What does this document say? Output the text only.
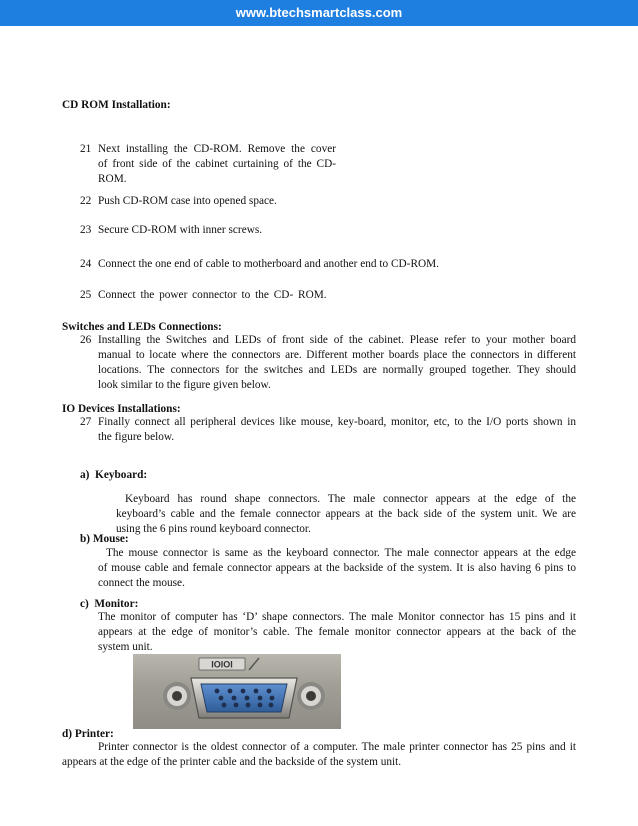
www.btechsmartclass.com
CD ROM Installation:
21 Next installing the CD-ROM. Remove the cover
of front side of the cabinet curtaining of the CD-
ROM.
22 Push CD-ROM case into opened space.
23 Secure CD-ROM with inner screws.
24 Connect the one end of cable to motherboard and another end to CD-ROM.
25 Connect the power connector to the CD- ROM.
Switches and LEDs Connections:
26 Installing the Switches and LEDs of front side of the cabinet. Please refer to your mother board
manual to locate where the connectors are. Different mother boards place the connectors in different
locations. The connectors for the switches and LEDs are normally grouped together. They should
look similar to the figure given below.
IO Devices Installations:
27 Finally connect all peripheral devices like mouse, key-board, monitor, etc, to the I/O ports shown in
the figure below.
a)  Keyboard:
Keyboard has round shape connectors. The male connector appears at the edge of the
keyboard’s cable and the female connector appears at the back side of the system unit. We are
using the 6 pins round keyboard connector.
b) Mouse:
The mouse connector is same as the keyboard connector. The male connector appears at the edge
of mouse cable and female connector appears at the backside of the system. It is also having 6 pins to
connect the mouse.
c)  Monitor:
The monitor of computer has ‘D’ shape connectors. The male Monitor connector has 15 pins and it
appears at the edge of monitor’s cable. The female monitor connector appears at the back of the
system unit.
IOIOI
d) Printer:
Printer connector is the oldest connector of a computer. The male printer connector has 25 pins and it
appears at the edge of the printer cable and the backside of the system unit.
